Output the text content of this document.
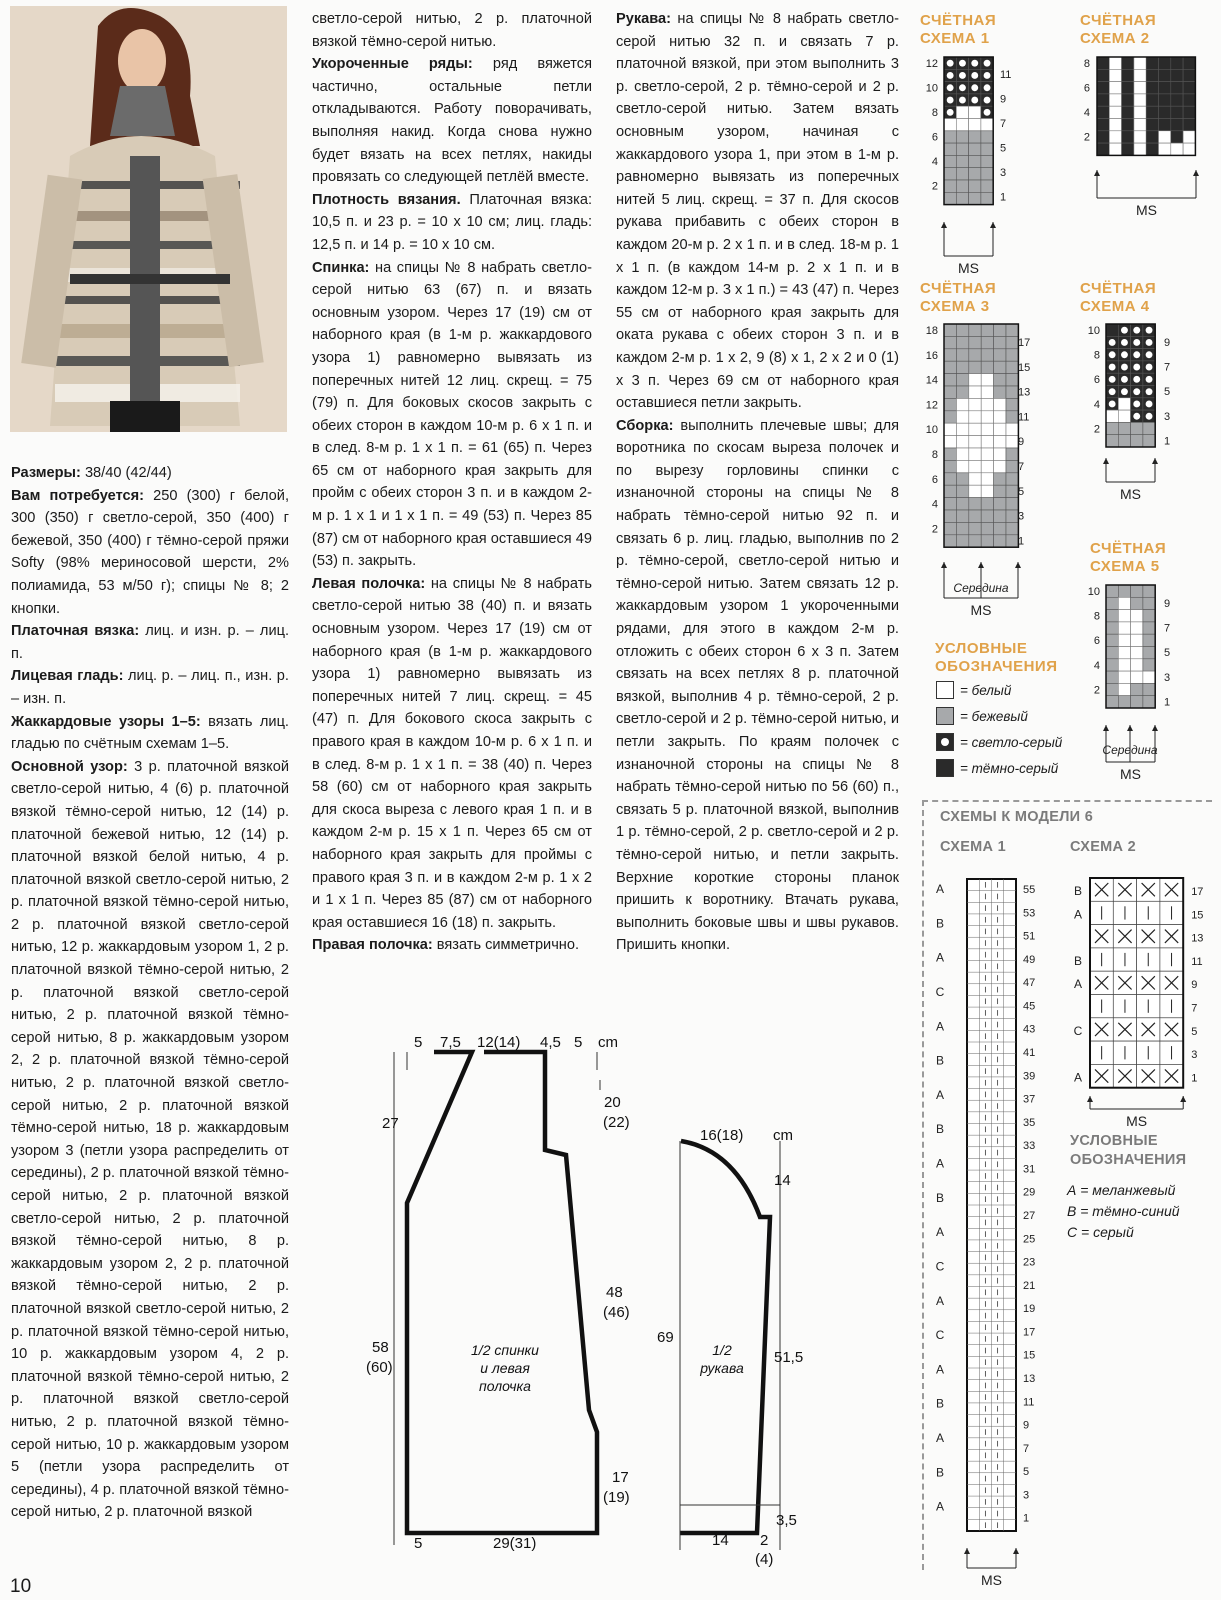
Размеры: 38/40 (42/44)

Вам потребуется: 250 (300) г белой, 300 (350) г светло-серой, 350 (400) г бежевой, 350 (400) г тёмно-серой пряжи Softy (98% мериносовой шерсти, 2% полиамида, 53 м/50 г); спицы № 8; 2 кнопки.

Платочная вязка: лиц. и изн. р. – лиц. п.

Лицевая гладь: лиц. р. – лиц. п., изн. р. – изн. п.

Жаккардовые узоры 1–5: вязать лиц. гладью по счётным схемам 1–5.

Основной узор: 3 р. платочной вязкой светло-серой нитью, 4 (6) р. платочной вязкой тёмно-серой нитью, 12 (14) р. платочной бежевой нитью, 12 (14) р. платочной вязкой белой нитью, 4 р. платочной вязкой светло-серой нитью, 2 р. платочной вязкой тёмно-серой нитью, 2 р. платочной вязкой светло-серой нитью, 12 р. жаккардовым узором 1, 2 р. платочной вязкой тёмно-серой нитью, 2 р. платочной вязкой светло-серой нитью, 2 р. платочной вязкой тёмно-серой нитью, 8 р. жаккардовым узором 2, 2 р. платочной вязкой тёмно-серой нитью, 2 р. платочной вязкой светло-серой нитью, 2 р. платочной вязкой тёмно-серой нитью, 18 р. жаккардовым узором 3 (петли узора распределить от середины), 2 р. платочной вязкой тёмно-серой нитью, 2 р. платочной вязкой светло-серой нитью, 2 р. платочной вязкой тёмно-серой нитью, 8 р. жаккардовым узором 2, 2 р. платочной вязкой тёмно-серой нитью, 2 р. платочной вязкой светло-серой нитью, 2 р. платочной вязкой тёмно-серой нитью, 10 р. жаккардовым узором 4, 2 р. платочной вязкой тёмно-серой нитью, 2 р. платочной вязкой светло-серой нитью, 2 р. платочной вязкой тёмно-серой нитью, 10 р. жаккардовым узором 5 (петли узора распределить от середины), 4 р. платочной вязкой тёмно-серой нитью, 2 р. платочной вязкой

светло-серой нитью, 2 р. платочной вязкой тёмно-серой нитью.

Укороченные ряды: ряд вяжется частично, остальные петли откладываются. Работу поворачивать, выполняя накид. Когда снова нужно будет вязать на всех петлях, накиды провязать со следующей петлёй вместе.

Плотность вязания. Платочная вязка: 10,5 п. и 23 р. = 10 х 10 см; лиц. гладь: 12,5 п. и 14 р. = 10 х 10 см.

Спинка: на спицы № 8 набрать светло-серой нитью 63 (67) п. и вязать основным узором. Через 17 (19) см от наборного края (в 1-м р. жаккардового узора 1) равномерно вывязать из поперечных нитей 12 лиц. скрещ. = 75 (79) п. Для боковых скосов закрыть с обеих сторон в каждом 10-м р. 6 х 1 п. и в след. 8-м р. 1 х 1 п. = 61 (65) п. Через 65 см от наборного края закрыть для пройм с обеих сторон 3 п. и в каждом 2-м р. 1 х 1 и 1 х 1 п. = 49 (53) п. Через 85 (87) см от наборного края оставшиеся 49 (53) п. закрыть.

Левая полочка: на спицы № 8 набрать светло-серой нитью 38 (40) п. и вязать основным узором. Через 17 (19) см от наборного края (в 1-м р. жаккардового узора 1) равномерно вывязать из поперечных нитей 7 лиц. скрещ. = 45 (47) п. Для бокового скоса закрыть с правого края в каждом 10-м р. 6 х 1 п. и в след. 8-м р. 1 х 1 п. = 38 (40) п. Через 58 (60) см от наборного края закрыть для скоса выреза с левого края 1 п. и в каждом 2-м р. 15 х 1 п. Через 65 см от наборного края закрыть для проймы с правого края 3 п. и в каждом 2-м р. 1 х 2 и 1 х 1 п. Через 85 (87) см от наборного края оставшиеся 16 (18) п. закрыть.

Правая полочка: вязать симметрично.

Рукава: на спицы № 8 набрать светло-серой нитью 32 п. и связать 7 р. платочной вязкой, при этом выполнить 3 р. светло-серой, 2 р. тёмно-серой и 2 р. светло-серой нитью. Затем вязать основным узором, начиная с жаккардового узора 1, при этом в 1-м р. равномерно вывязать из поперечных нитей 5 лиц. скрещ. = 37 п. Для скосов рукава прибавить с обеих сторон в каждом 20-м р. 2 х 1 п. и в след. 18-м р. 1 х 1 п. (в каждом 14-м р. 2 х 1 п. и в каждом 12-м р. 3 х 1 п.) = 43 (47) п. Через 55 см от наборного края закрыть для оката рукава с обеих сторон 3 п. и в каждом 2-м р. 1 х 2, 9 (8) х 1, 2 х 2 и 0 (1) х 3 п. Через 69 см от наборного края оставшиеся петли закрыть.

Сборка: выполнить плечевые швы; для воротника по скосам выреза полочек и по вырезу горловины спинки с изнаночной стороны на спицы № 8 набрать тёмно-серой нитью 92 п. и связать 6 р. лиц. гладью, выполнив по 2 р. тёмно-серой, светло-серой нитью и тёмно-серой нитью. Затем связать 12 р. жаккардовым узором 1 укороченными рядами, для этого в каждом 2-м р. отложить с обеих сторон 6 х 3 п. Затем связать на всех петлях 8 р. платочной вязкой, выполнив 4 р. тёмно-серой, 2 р. светло-серой и 2 р. тёмно-серой нитью, и петли закрыть. По краям полочек с изнаночной стороны на спицы № 8 набрать тёмно-серой нитью по 56 (60) п., связать 5 р. платочной вязкой, выполнив 1 р. тёмно-серой, 2 р. светло-серой и 2 р. тёмно-серой нитью, и петли закрыть. Верхние короткие стороны планок пришить к воротнику. Втачать рукава, выполнить боковые швы и швы рукавов. Пришить кнопки.

СЧЁТНАЯ
СХЕМА 1
СЧЁТНАЯ
СХЕМА 2
СЧЁТНАЯ
СХЕМА 3
СЧЁТНАЯ
СХЕМА 4
СЧЁТНАЯ
СХЕМА 5
УСЛОВНЫЕ
ОБОЗНАЧЕНИЯ
= белый
= бежевый
= светло-серый
= тёмно-серый
12
10
8
6
4
2
11
9
7
5
3
1
MS
8
6
4
2
MS
18
16
14
12
10
8
6
4
2
17
15
13
11
9
7
5
3
1
MS
Середина
10
8
6
4
2
9
7
5
3
1
MS
10
8
6
4
2
9
7
5
3
1
MS
Середина
55
53
51
49
47
45
43
41
39
37
35
33
31
29
27
25
23
21
19
17
15
13
11
9
7
5
3
1
A
B
A
C
A
B
A
B
A
B
A
C
A
C
A
B
A
B
A
MS
17
15
13
11
9
7
5
3
1
B
A
B
A
C
A
MS
СХЕМЫ К МОДЕЛИ 6
СХЕМА 1	СХЕМА 2
УСЛОВНЫЕ
ОБОЗНАЧЕНИЯ
А = меланжевый
В = тёмно-синий
С = серый
5 7,5 12(14) 4,5 5 cm
27
58
(60)
20
(22)
48
(46)
17
(19)
5	29(31)
16(18) cm
14
51,5
3,5
69
14 2
(4)
1/2 спинки
и левая
полочка
1/2
рукава
10
